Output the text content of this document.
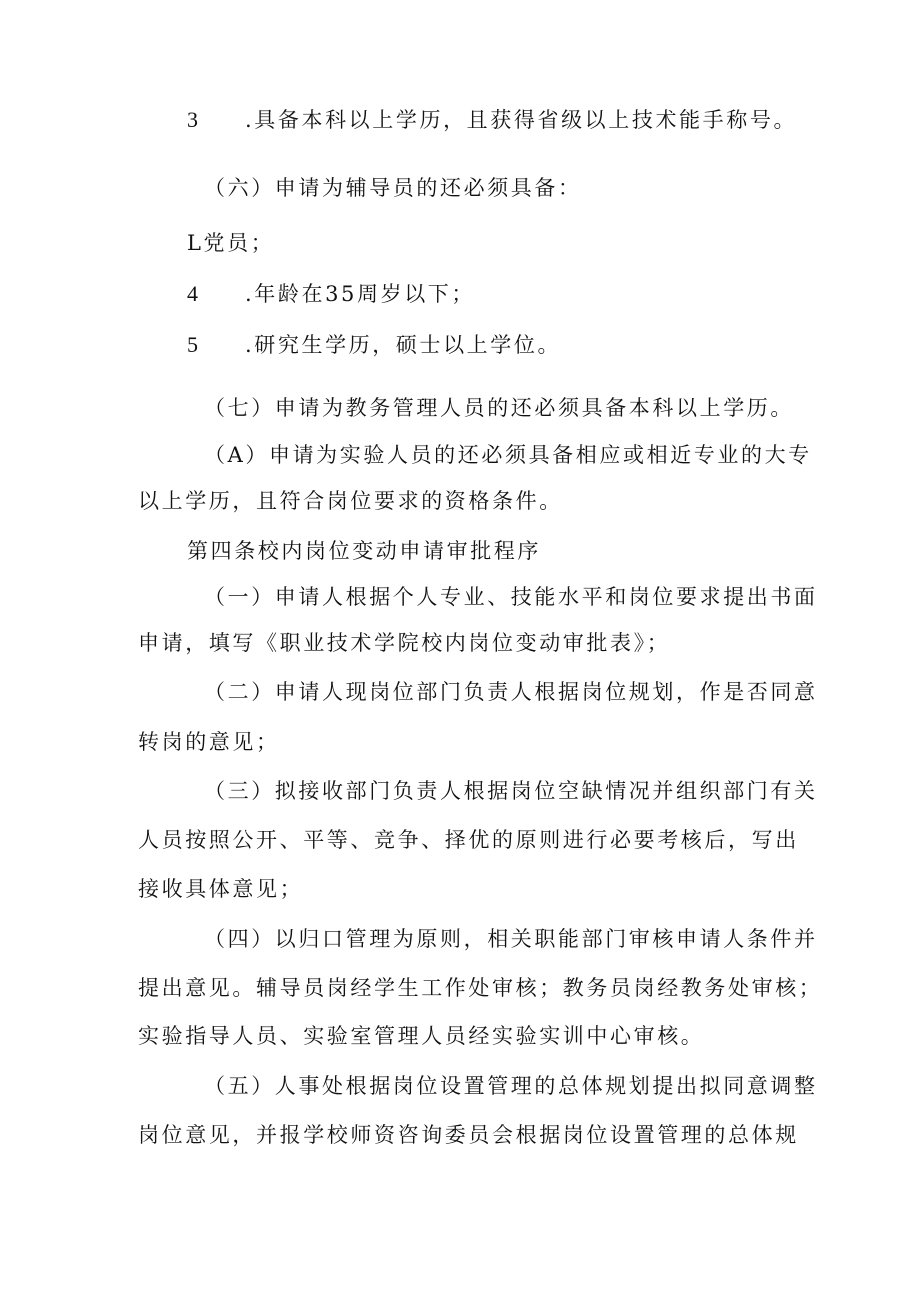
3 .具备本科以上学历，且获得省级以上技术能手称号。
（六）申请为辅导员的还必须具备：
L党员；
4 .年龄在35周岁以下；
5 .研究生学历，硕士以上学位。
（七）申请为教务管理人员的还必须具备本科以上学历。
（A）申请为实验人员的还必须具备相应或相近专业的大专
以上学历，且符合岗位要求的资格条件。
第四条校内岗位变动申请审批程序
（一）申请人根据个人专业、技能水平和岗位要求提出书面
申请，填写《职业技术学院校内岗位变动审批表》；
（二）申请人现岗位部门负责人根据岗位规划，作是否同意
转岗的意见；
（三）拟接收部门负责人根据岗位空缺情况并组织部门有关
人员按照公开、平等、竞争、择优的原则进行必要考核后，写出
接收具体意见；
（四）以归口管理为原则，相关职能部门审核申请人条件并
提出意见。辅导员岗经学生工作处审核；教务员岗经教务处审核；
实验指导人员、实验室管理人员经实验实训中心审核。
（五）人事处根据岗位设置管理的总体规划提出拟同意调整
岗位意见，并报学校师资咨询委员会根据岗位设置管理的总体规
